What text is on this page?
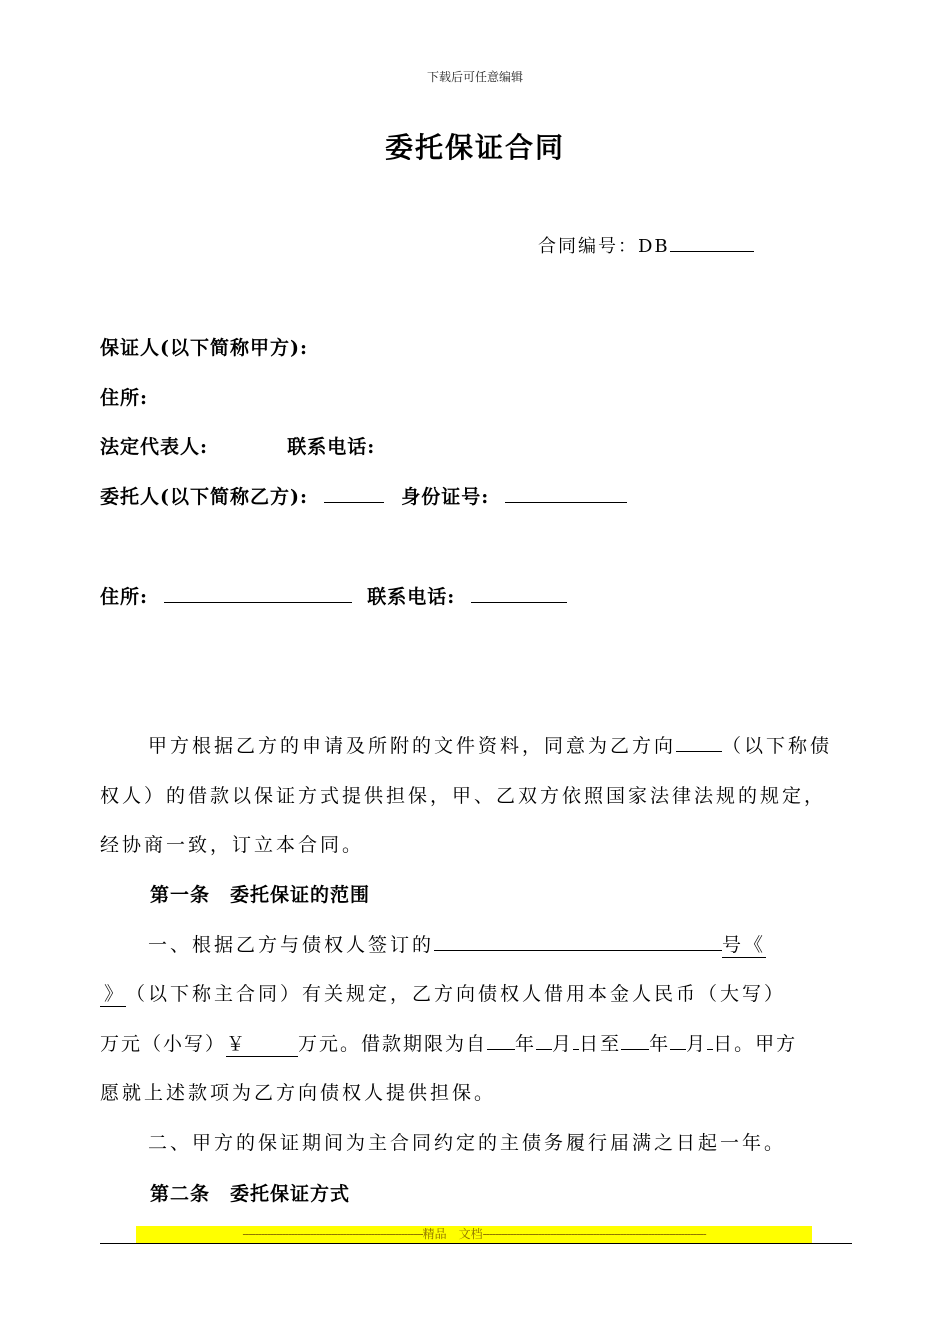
下载后可任意编辑
委托保证合同
合同编号：DB
保证人(以下简称甲方):
住所:
法定代表人:	联系电话:
委托人(以下简称乙方):	身份证号:
住所:	联系电话:
甲方根据乙方的申请及所附的文件资料，同意为乙方向 （以下称债
权人）的借款以保证方式提供担保，甲、乙双方依照国家法律法规的规定，
经协商一致，订立本合同。
第一条　委托保证的范围
一、根据乙方与债权人签订的	号《
》（以下称主合同）有关规定，乙方向债权人借用本金人民币（大写）
万元（小写）￥	万元。借款期限为自 年 月 日至 年 月 日。甲方
愿就上述款项为乙方向债权人提供担保。
二、甲方的保证期间为主合同约定的主债务履行届满之日起一年。
第二条　委托保证方式
-----------------------------------------------------------精品　文档-------------------------------------------------------------------------
